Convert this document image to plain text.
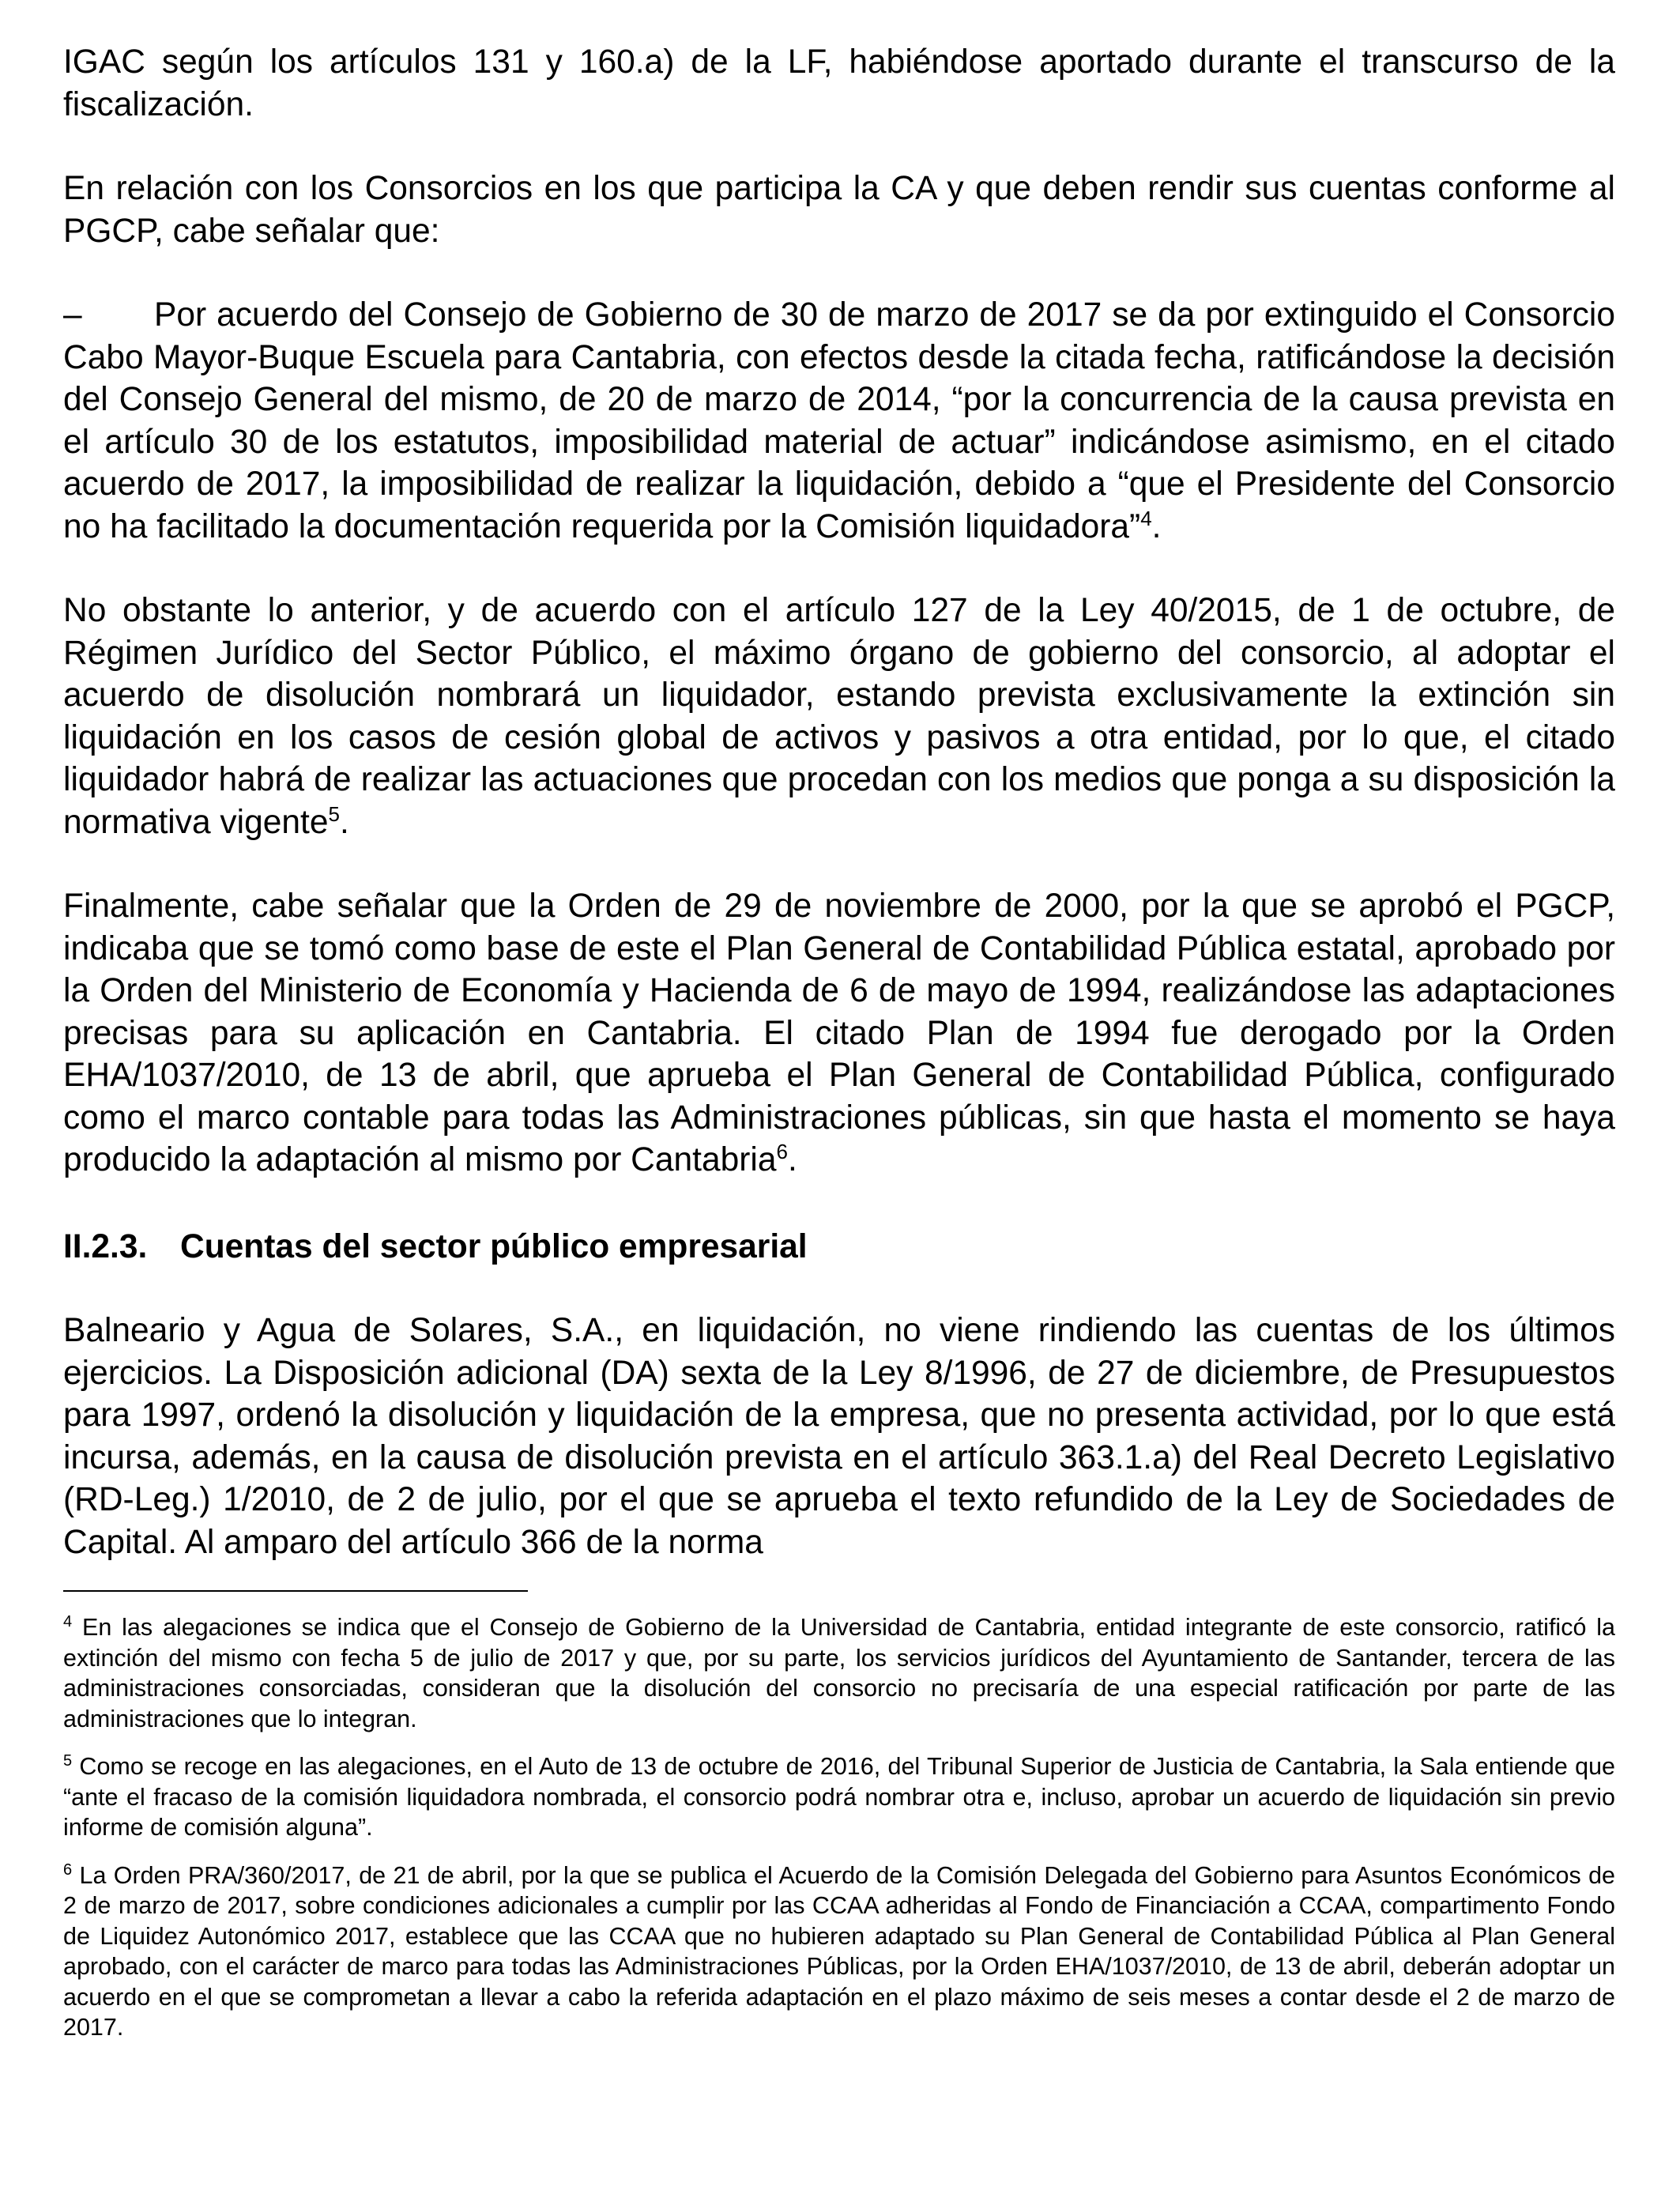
IGAC según los artículos 131 y 160.a) de la LF, habiéndose aportado durante el transcurso de la fiscalización.

En relación con los Consorcios en los que participa la CA y que deben rendir sus cuentas conforme al PGCP, cabe señalar que:

– Por acuerdo del Consejo de Gobierno de 30 de marzo de 2017 se da por extinguido el Consorcio Cabo Mayor-Buque Escuela para Cantabria, con efectos desde la citada fecha, ratificándose la decisión del Consejo General del mismo, de 20 de marzo de 2014, “por la concurrencia de la causa prevista en el artículo 30 de los estatutos, imposibilidad material de actuar” indicándose asimismo, en el citado acuerdo de 2017, la imposibilidad de realizar la liquidación, debido a “que el Presidente del Consorcio no ha facilitado la documentación requerida por la Comisión liquidadora”$^4$.

No obstante lo anterior, y de acuerdo con el artículo 127 de la Ley 40/2015, de 1 de octubre, de Régimen Jurídico del Sector Público, el máximo órgano de gobierno del consorcio, al adoptar el acuerdo de disolución nombrará un liquidador, estando prevista exclusivamente la extinción sin liquidación en los casos de cesión global de activos y pasivos a otra entidad, por lo que, el citado liquidador habrá de realizar las actuaciones que procedan con los medios que ponga a su disposición la normativa vigente$^5$.

Finalmente, cabe señalar que la Orden de 29 de noviembre de 2000, por la que se aprobó el PGCP, indicaba que se tomó como base de este el Plan General de Contabilidad Pública estatal, aprobado por la Orden del Ministerio de Economía y Hacienda de 6 de mayo de 1994, realizándose las adaptaciones precisas para su aplicación en Cantabria. El citado Plan de 1994 fue derogado por la Orden EHA/1037/2010, de 13 de abril, que aprueba el Plan General de Contabilidad Pública, configurado como el marco contable para todas las Administraciones públicas, sin que hasta el momento se haya producido la adaptación al mismo por Cantabria$^6$.

II.2.3. Cuentas del sector público empresarial

Balneario y Agua de Solares, S.A., en liquidación, no viene rindiendo las cuentas de los últimos ejercicios. La Disposición adicional (DA) sexta de la Ley 8/1996, de 27 de diciembre, de Presupuestos para 1997, ordenó la disolución y liquidación de la empresa, que no presenta actividad, por lo que está incursa, además, en la causa de disolución prevista en el artículo 363.1.a) del Real Decreto Legislativo (RD-Leg.) 1/2010, de 2 de julio, por el que se aprueba el texto refundido de la Ley de Sociedades de Capital. Al amparo del artículo 366 de la norma

$^4$ En las alegaciones se indica que el Consejo de Gobierno de la Universidad de Cantabria, entidad integrante de este consorcio, ratificó la extinción del mismo con fecha 5 de julio de 2017 y que, por su parte, los servicios jurídicos del Ayuntamiento de Santander, tercera de las administraciones consorciadas, consideran que la disolución del consorcio no precisaría de una especial ratificación por parte de las administraciones que lo integran.

$^5$ Como se recoge en las alegaciones, en el Auto de 13 de octubre de 2016, del Tribunal Superior de Justicia de Cantabria, la Sala entiende que “ante el fracaso de la comisión liquidadora nombrada, el consorcio podrá nombrar otra e, incluso, aprobar un acuerdo de liquidación sin previo informe de comisión alguna”.

$^6$ La Orden PRA/360/2017, de 21 de abril, por la que se publica el Acuerdo de la Comisión Delegada del Gobierno para Asuntos Económicos de 2 de marzo de 2017, sobre condiciones adicionales a cumplir por las CCAA adheridas al Fondo de Financiación a CCAA, compartimento Fondo de Liquidez Autonómico 2017, establece que las CCAA que no hubieren adaptado su Plan General de Contabilidad Pública al Plan General aprobado, con el carácter de marco para todas las Administraciones Públicas, por la Orden EHA/1037/2010, de 13 de abril, deberán adoptar un acuerdo en el que se comprometan a llevar a cabo la referida adaptación en el plazo máximo de seis meses a contar desde el 2 de marzo de 2017.
